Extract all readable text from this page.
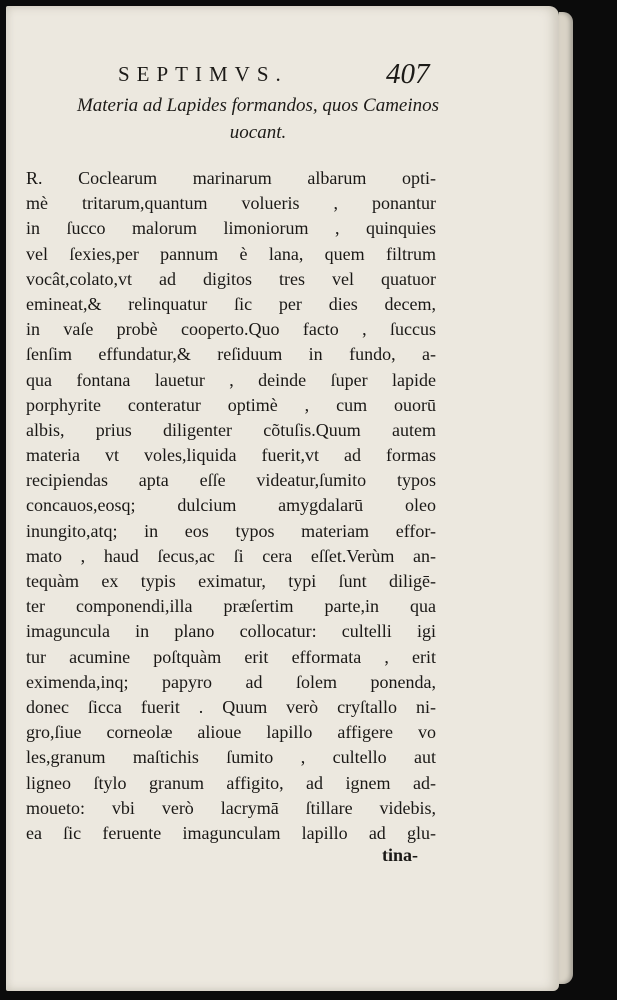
SEPTIMVS.	407
Materia ad Lapides formandos, quos Cameinos uocant.
R. Coclearum marinarum albarum opti-
mè tritarum,quantum volueris , ponantur
in ſucco malorum limoniorum , quinquies
vel ſexies,per pannum è lana, quem filtrum
vocât,colato,vt ad digitos tres vel quatuor
emineat,& relinquatur ſic per dies decem,
in vaſe probè cooperto.Quo facto , ſuccus
ſenſim effundatur,& reſiduum in fundo, a-
qua fontana lauetur , deinde ſuper lapide
porphyrite conteratur optimè , cum ouorū
albis, prius diligenter cõtuſis.Quum autem
materia vt voles,liquida fuerit,vt ad formas
recipiendas apta eſſe videatur,ſumito typos
concauos,eosq; dulcium amygdalarū oleo
inungito,atq; in eos typos materiam effor-
mato , haud ſecus,ac ſi cera eſſet.Verùm an-
tequàm ex typis eximatur, typi ſunt diligē-
ter componendi,illa præſertim parte,in qua
imaguncula in plano collocatur: cultelli igi
tur acumine poſtquàm erit efformata , erit
eximenda,inq; papyro ad ſolem ponenda,
donec ſicca fuerit . Quum verò cryſtallo ni-
gro,ſiue corneolæ alioue lapillo affigere vo
les,granum maſtichis ſumito , cultello aut
ligneo ſtylo granum affigito, ad ignem ad-
moueto: vbi verò lacrymā ſtillare videbis,
ea ſic feruente imagunculam lapillo ad glu-
tina-
